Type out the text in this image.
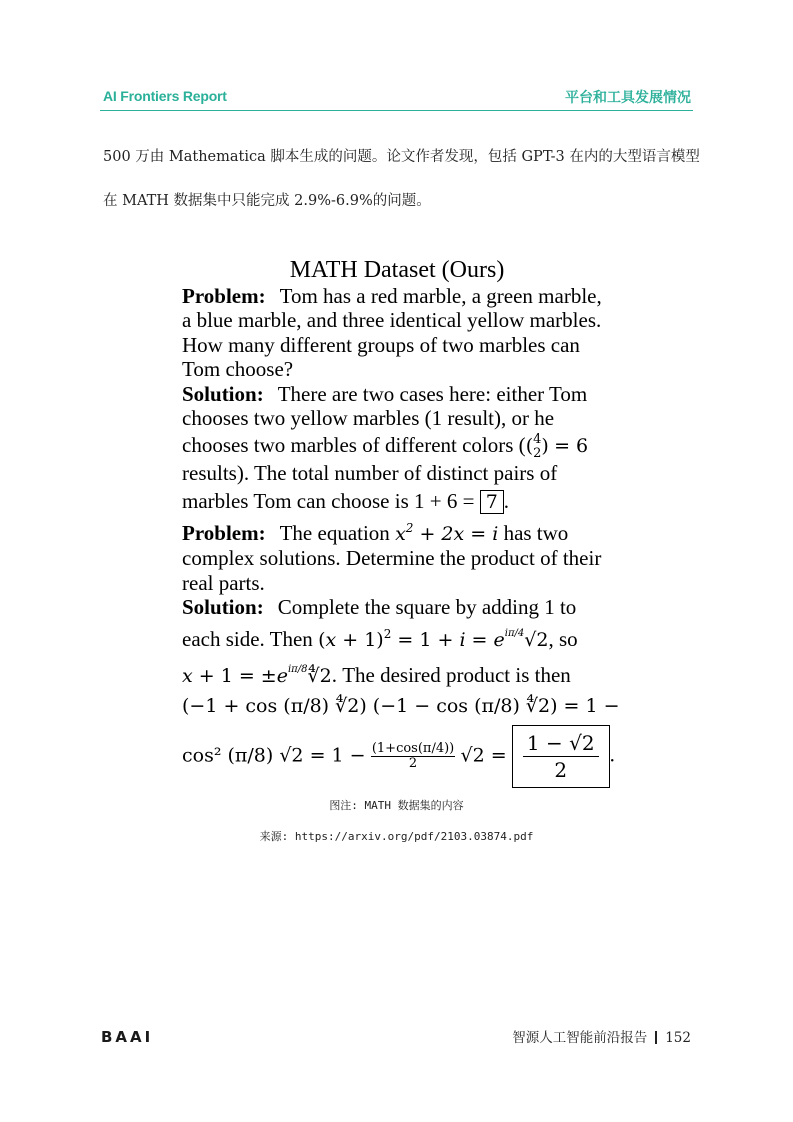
AI Frontiers Report	平台和工具发展情况
500 万由 Mathematica 脚本生成的问题。论文作者发现，包括 GPT-3 在内的大型语言模型
在 MATH 数据集中只能完成 2.9%-6.9%的问题。
MATH Dataset (Ours)
Problem: Tom has a red marble, a green marble,
a blue marble, and three identical yellow marbles.
How many different groups of two marbles can
Tom choose?
Solution: There are two cases here: either Tom
chooses two yellow marbles (1 result), or he
chooses two marbles of different colors (( 4
2 ) = 6
results). The total number of distinct pairs of
marbles Tom can choose is 1 + 6 = 7 .
Problem: The equation $x^2 + 2x = i$ has two
complex solutions. Determine the product of their
real parts.
Solution: Complete the square by adding 1 to
each side. Then $(x + 1)^2 = 1 + i = e^{i\pi/4}√2$, so
$x + 1 = \pm e^{i\pi/8}∜2$. The desired product is then
(−1 + cos (π/8) ∜2) (−1 − cos (π/8) ∜2) = 1 −
cos² (π/8) $√2 = 1 - \frac{(1+\cos(\pi/4))}{2} √2 = \frac{1 - √2}{2}$ .
图注: MATH 数据集的内容
来源: https://arxiv.org/pdf/2103.03874.pdf
BAAI	智源人工智能前沿报告 152
